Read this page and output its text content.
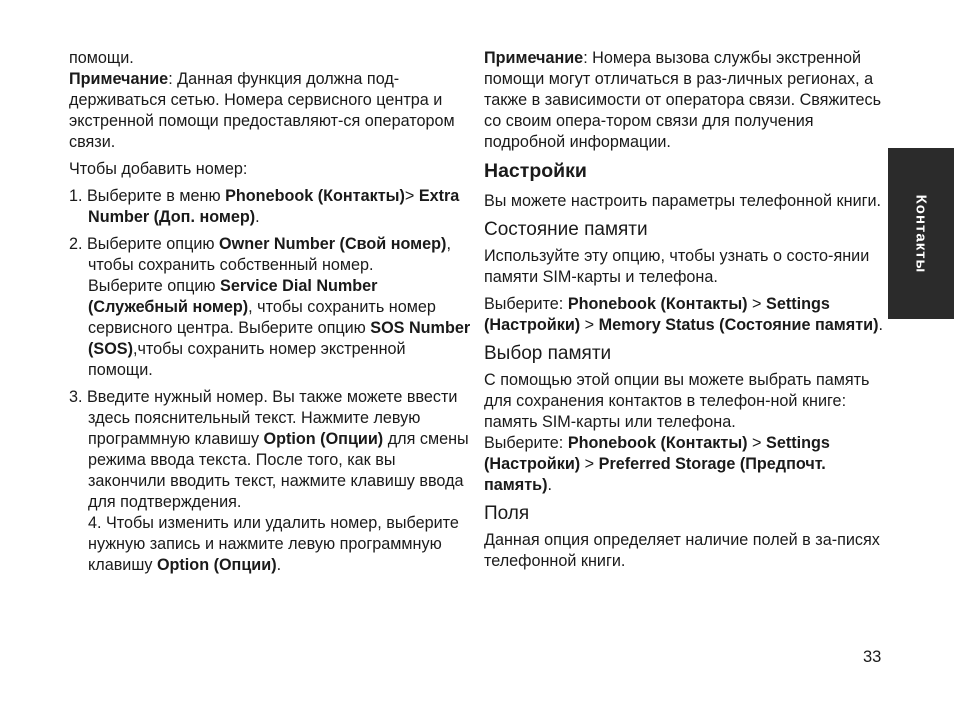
помощи.

Примечание: Данная функция должна под-держиваться сетью. Номера сервисного центра и экстренной помощи предоставляют-ся оператором связи.

Чтобы добавить номер:

1. Выберите в меню Phonebook (Контакты)> Extra Number (Доп. номер).

2. Выберите опцию Owner Number (Свой номер), чтобы сохранить собственный номер.

Выберите опцию Service Dial Number (Служебный номер), чтобы сохранить номер сервисного центра. Выберите опцию SOS Number (SOS),чтобы сохранить номер экстренной помощи.

3. Введите нужный номер. Вы также можете ввести здесь пояснительный текст. Нажмите левую программную клавишу Option (Опции) для смены режима ввода текста. После того, как вы закончили вводить текст, нажмите клавишу ввода для подтверждения.

4. Чтобы изменить или удалить номер, выберите нужную запись и нажмите левую программную клавишу Option (Опции).

Примечание: Номера вызова службы экстренной помощи могут отличаться в раз-личных регионах, а также в зависимости от оператора связи. Свяжитесь со своим опера-тором связи для получения подробной информации.

Настройки

Вы можете настроить параметры телефонной книги.

Состояние памяти

Используйте эту опцию, чтобы узнать о состо-янии памяти SIM-карты и телефона.

Выберите: Phonebook (Контакты) > Settings (Настройки) > Memory Status (Состояние памяти).

Выбор памяти

С помощью этой опции вы можете выбрать память для сохранения контактов в телефон-ной книге: память SIM-карты или телефона.

Выберите: Phonebook (Контакты) > Settings (Настройки) > Preferred Storage (Предпочт. память).

Поля

Данная опция определяет наличие полей в за-писях телефонной книги.

Контакты
33
